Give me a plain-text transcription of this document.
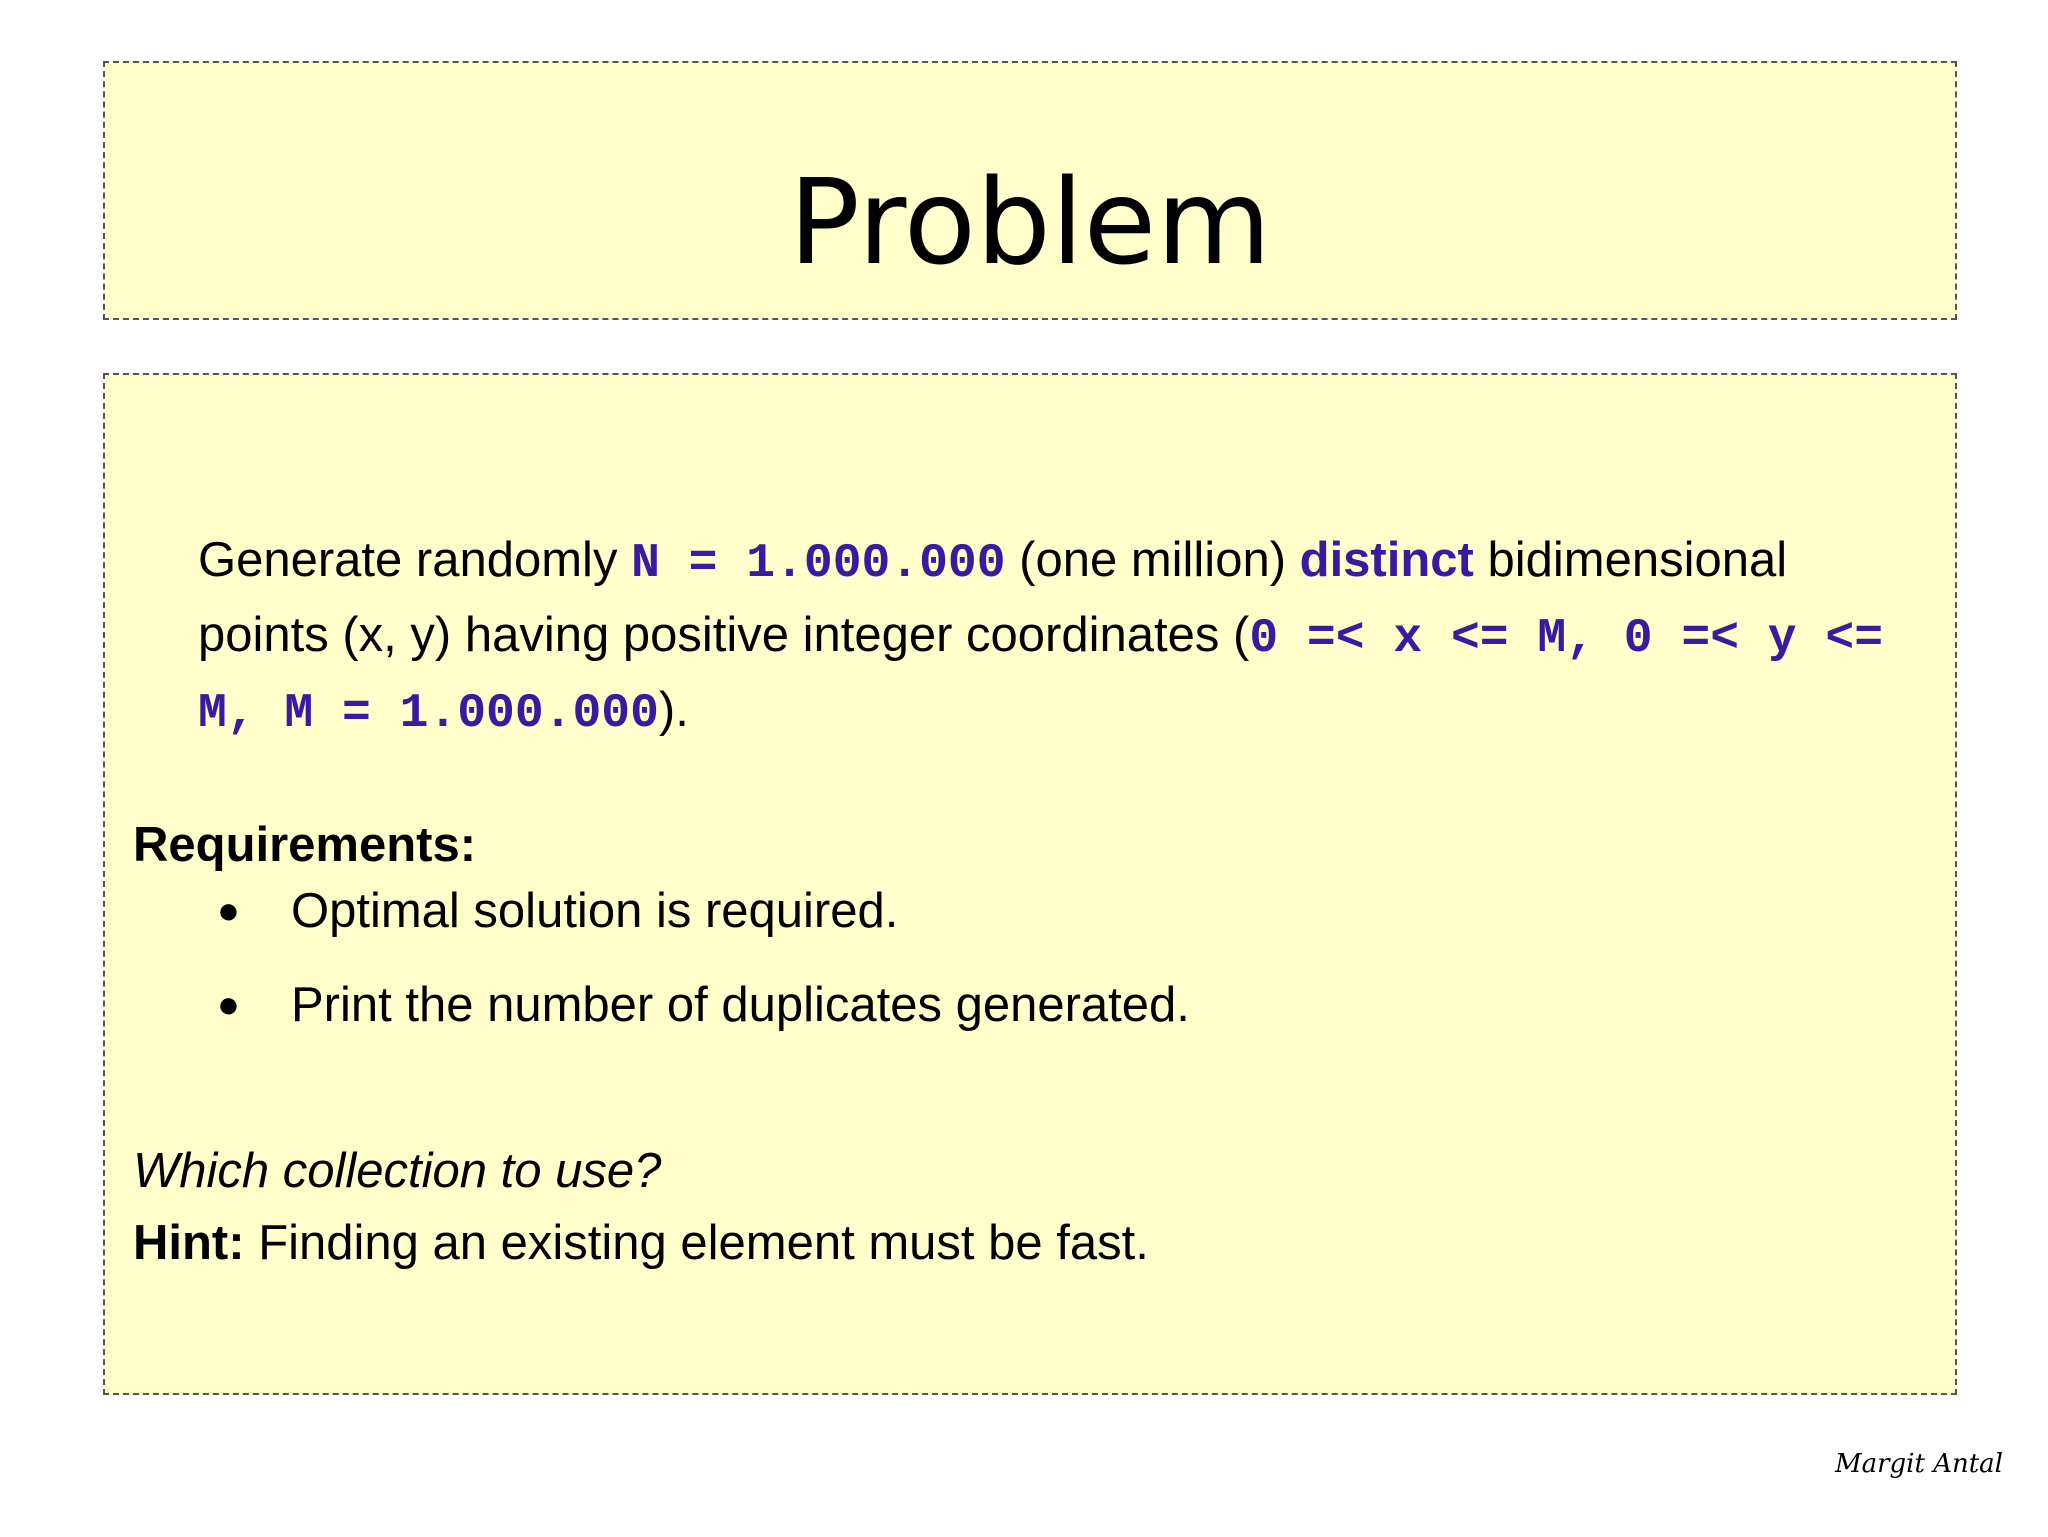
Problem
Generate randomly N = 1.000.000 (one million) distinct bidimensional points (x, y) having positive integer coordinates (0 =< x <= M, 0 =< y <= M, M = 1.000.000).
Requirements:
● Optimal solution is required.
● Print the number of duplicates generated.
Which collection to use?
Hint: Finding an existing element must be fast.
Margit Antal
